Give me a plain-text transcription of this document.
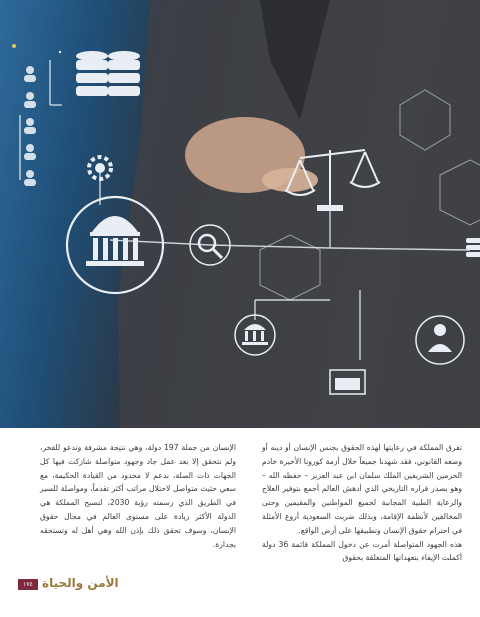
تفرق المملكة في رعايتها لهذه الحقوق بجنس الإنسان أو دينه أو وضعه القانوني، فقد شهدنا جميعاً خلال أزمة كورونا الأخيرة خادم الحرمين الشريفين الملك سلمان ابن عبد العزيز – حفظه الله – وهو يصدر قراره التاريخي الذي أدهش العالم أجمع بتوفير العلاج والرعاية الطبية المجانية لجميع المواطنين والمقيمين وحتى المخالفين لأنظمة الإقامة، وبذلك ضربت السعودية أروع الأمثلة في احترام حقوق الإنسان وتطبيقها على أرض الواقع.

هذه الجهود المتواصلة أمرت عن دخول المملكة قائمة 36 دولة أكملت الإيفاء بتعهداتها المتعلقة بحقوق

الإنسان من جملة 197 دولة، وهي نتيجة مشرفة وتدعو للفخر، ولم تتحقق إلا بعد عمل جاد وجهود متواصلة شاركت فيها كل الجهات ذات الصلة، بدعم لا محدود من القيادة الحكيمة، مع سعي حثيث متواصل لاحتلال مراتب أكثر تقدماً، ومواصلة للسير في الطريق الذي رسمته رؤية 2030، لتصبح المملكة هي الدولة الأكثر ريادة على مستوى العالم في مجال حقوق الإنسان، وسوف تحقق ذلك بإذن الله وهي أهل له وتستحقه بجدارة.

١٧٤ الأمن والحياة
